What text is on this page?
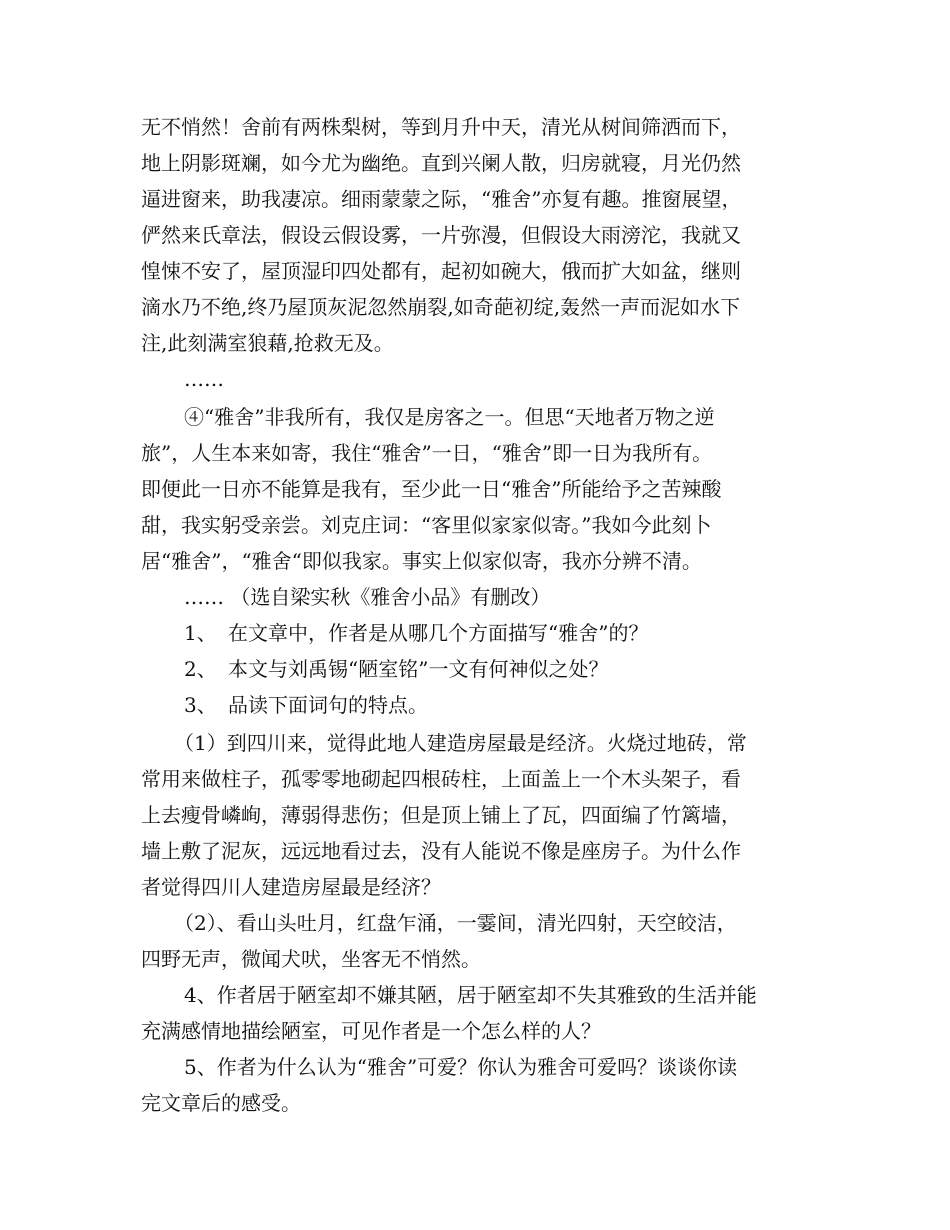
无不悄然！舍前有两株梨树，等到月升中天，清光从树间筛洒而下，
地上阴影斑斓，如今尤为幽绝。直到兴阑人散，归房就寝，月光仍然
逼进窗来，助我凄凉。细雨蒙蒙之际，“雅舍”亦复有趣。推窗展望，
俨然来氏章法，假设云假设雾，一片弥漫，但假设大雨滂沱，我就又
惶悚不安了，屋顶湿印四处都有，起初如碗大，俄而扩大如盆，继则
滴水乃不绝,终乃屋顶灰泥忽然崩裂,如奇葩初绽,轰然一声而泥如水下
注,此刻满室狼藉,抢救无及。
……
④“雅舍”非我所有，我仅是房客之一。但思“天地者万物之逆
旅”，人生本来如寄，我住“雅舍”一日，“雅舍”即一日为我所有。
即便此一日亦不能算是我有，至少此一日“雅舍”所能给予之苦辣酸
甜，我实躬受亲尝。刘克庄词：“客里似家家似寄。”我如今此刻卜
居“雅舍”，“雅舍“即似我家。事实上似家似寄，我亦分辨不清。
…… （选自梁实秋《雅舍小品》有删改）
1、 在文章中，作者是从哪几个方面描写“雅舍”的？
2、 本文与刘禹锡“陋室铭”一文有何神似之处？
3、 品读下面词句的特点。
（1）到四川来，觉得此地人建造房屋最是经济。火烧过地砖，常
常用来做柱子，孤零零地砌起四根砖柱，上面盖上一个木头架子，看
上去瘦骨嶙峋，薄弱得悲伤；但是顶上铺上了瓦，四面编了竹篱墙，
墙上敷了泥灰，远远地看过去，没有人能说不像是座房子。为什么作
者觉得四川人建造房屋最是经济？
（2）、看山头吐月，红盘乍涌，一霎间，清光四射，天空皎洁，
四野无声，微闻犬吠，坐客无不悄然。
4、作者居于陋室却不嫌其陋，居于陋室却不失其雅致的生活并能
充满感情地描绘陋室，可见作者是一个怎么样的人？
5、作者为什么认为“雅舍”可爱？你认为雅舍可爱吗？谈谈你读
完文章后的感受。
